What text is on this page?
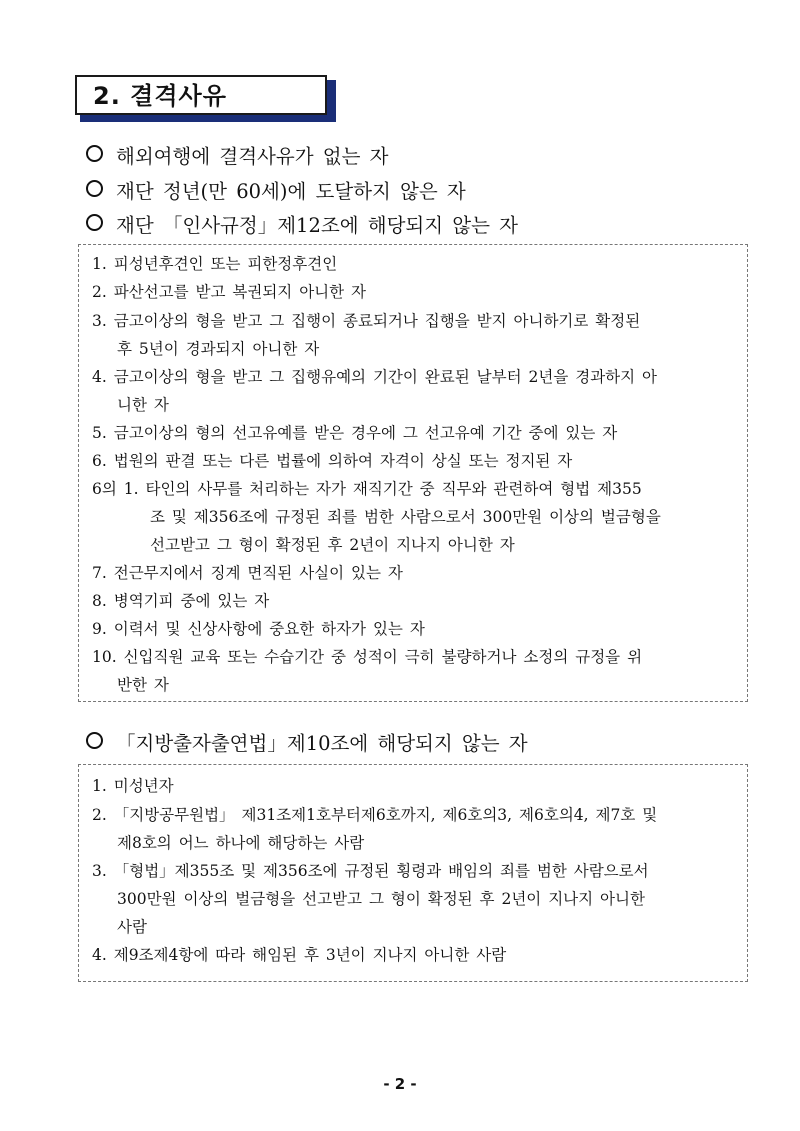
2. 결격사유
해외여행에 결격사유가 없는 자
재단 정년(만 60세)에 도달하지 않은 자
재단 「인사규정」제12조에 해당되지 않는 자
1. 피성년후견인 또는 피한정후견인
2. 파산선고를 받고 복권되지 아니한 자
3. 금고이상의 형을 받고 그 집행이 종료되거나 집행을 받지 아니하기로 확정된
후 5년이 경과되지 아니한 자
4. 금고이상의 형을 받고 그 집행유예의 기간이 완료된 날부터 2년을 경과하지 아
니한 자
5. 금고이상의 형의 선고유예를 받은 경우에 그 선고유예 기간 중에 있는 자
6. 법원의 판결 또는 다른 법률에 의하여 자격이 상실 또는 정지된 자
6의 1. 타인의 사무를 처리하는 자가 재직기간 중 직무와 관련하여 형법 제355
조 및 제356조에 규정된 죄를 범한 사람으로서 300만원 이상의 벌금형을
선고받고 그 형이 확정된 후 2년이 지나지 아니한 자
7. 전근무지에서 징계 면직된 사실이 있는 자
8. 병역기피 중에 있는 자
9. 이력서 및 신상사항에 중요한 하자가 있는 자
10. 신입직원 교육 또는 수습기간 중 성적이 극히 불량하거나 소정의 규정을 위
반한 자
「지방출자출연법」제10조에 해당되지 않는 자
1. 미성년자
2. 「지방공무원법」 제31조제1호부터제6호까지, 제6호의3, 제6호의4, 제7호 및
제8호의 어느 하나에 해당하는 사람
3. 「형법」제355조 및 제356조에 규정된 횡령과 배임의 죄를 범한 사람으로서
300만원 이상의 벌금형을 선고받고 그 형이 확정된 후 2년이 지나지 아니한
사람
4. 제9조제4항에 따라 해임된 후 3년이 지나지 아니한 사람
- 2 -
